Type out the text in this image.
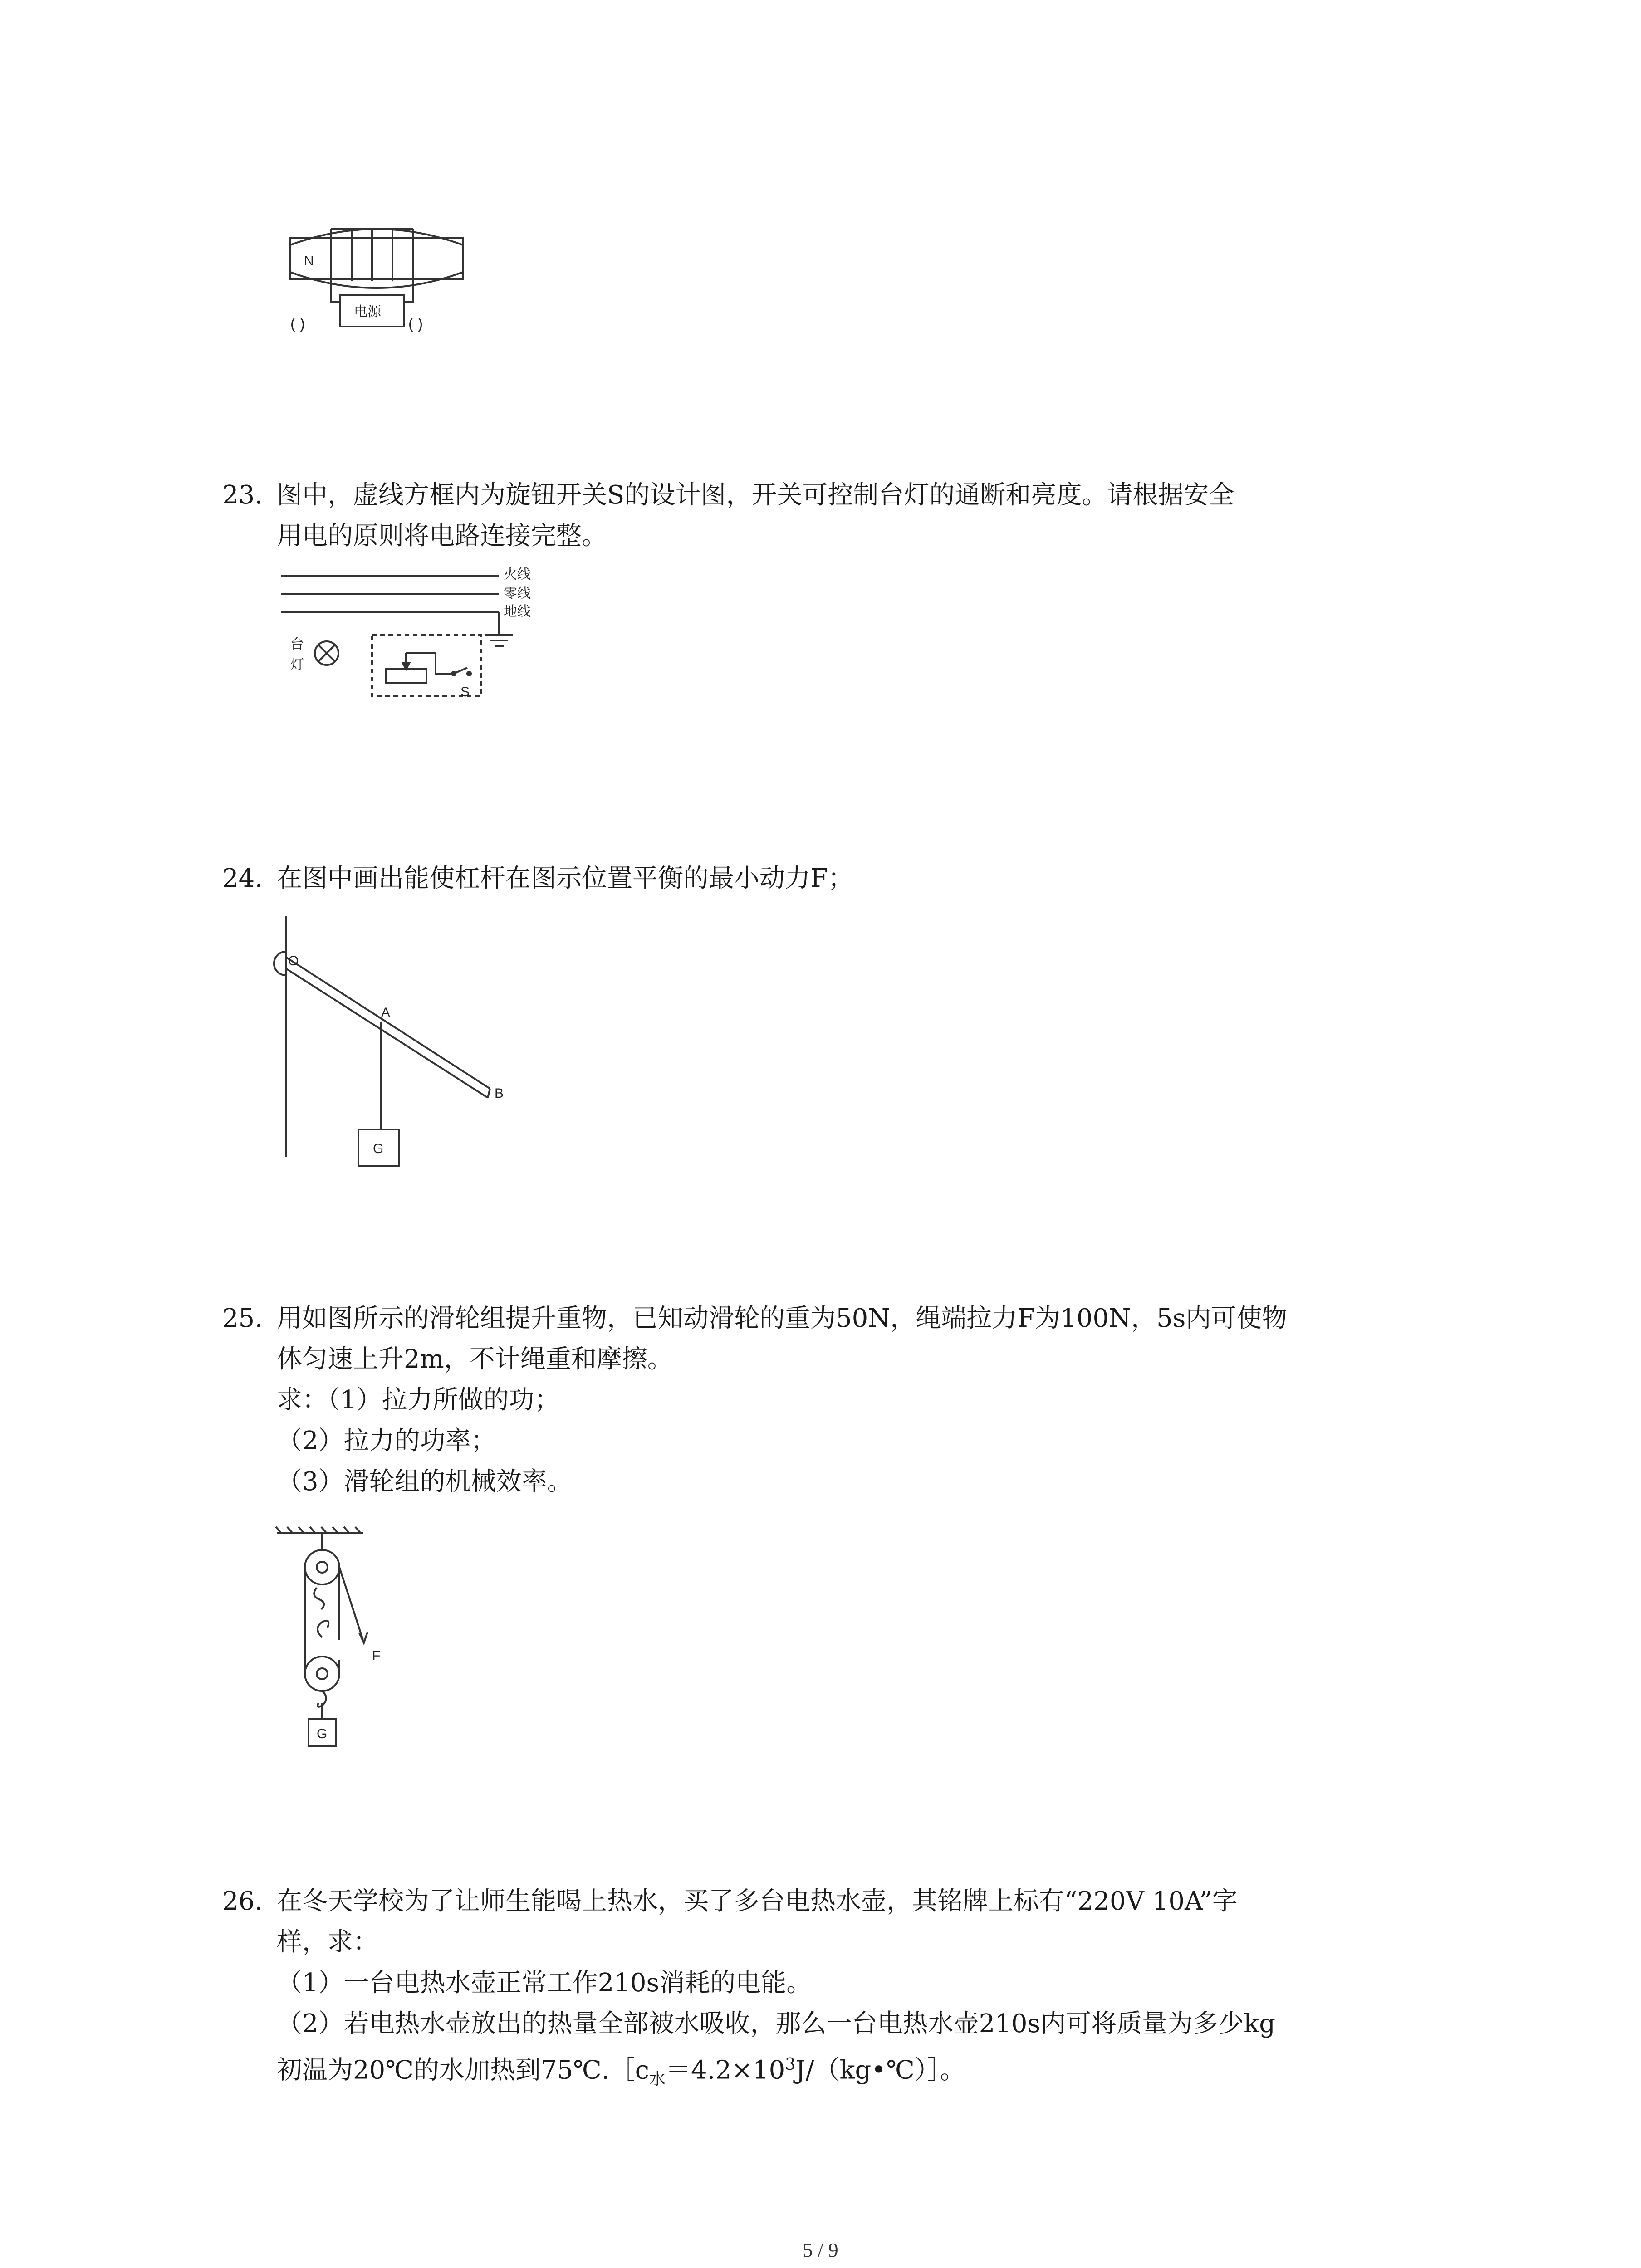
N
电源
( )	( )
23. 图中，虚线方框内为旋钮开关S的设计图，开关可控制台灯的通断和亮度。请根据安全
用电的原则将电路连接完整。
火线
零线
地线
台
灯
S
24. 在图中画出能使杠杆在图示位置平衡的最小动力F；
O
A
B
G
25. 用如图所示的滑轮组提升重物，已知动滑轮的重为50N，绳端拉力F为100N，5s内可使物
体匀速上升2m，不计绳重和摩擦。
求：（1）拉力所做的功；
（2）拉力的功率；
（3）滑轮组的机械效率。
F
G
26. 在冬天学校为了让师生能喝上热水，买了多台电热水壶，其铭牌上标有“220V 10A”字
样，求：
（1）一台电热水壶正常工作210s消耗的电能。
（2）若电热水壶放出的热量全部被水吸收，那么一台电热水壶210s内可将质量为多少kg
初温为20℃的水加热到$75℃.[c_水=4.2\times 10^3J/(kg•℃)]$。
5 / 9
